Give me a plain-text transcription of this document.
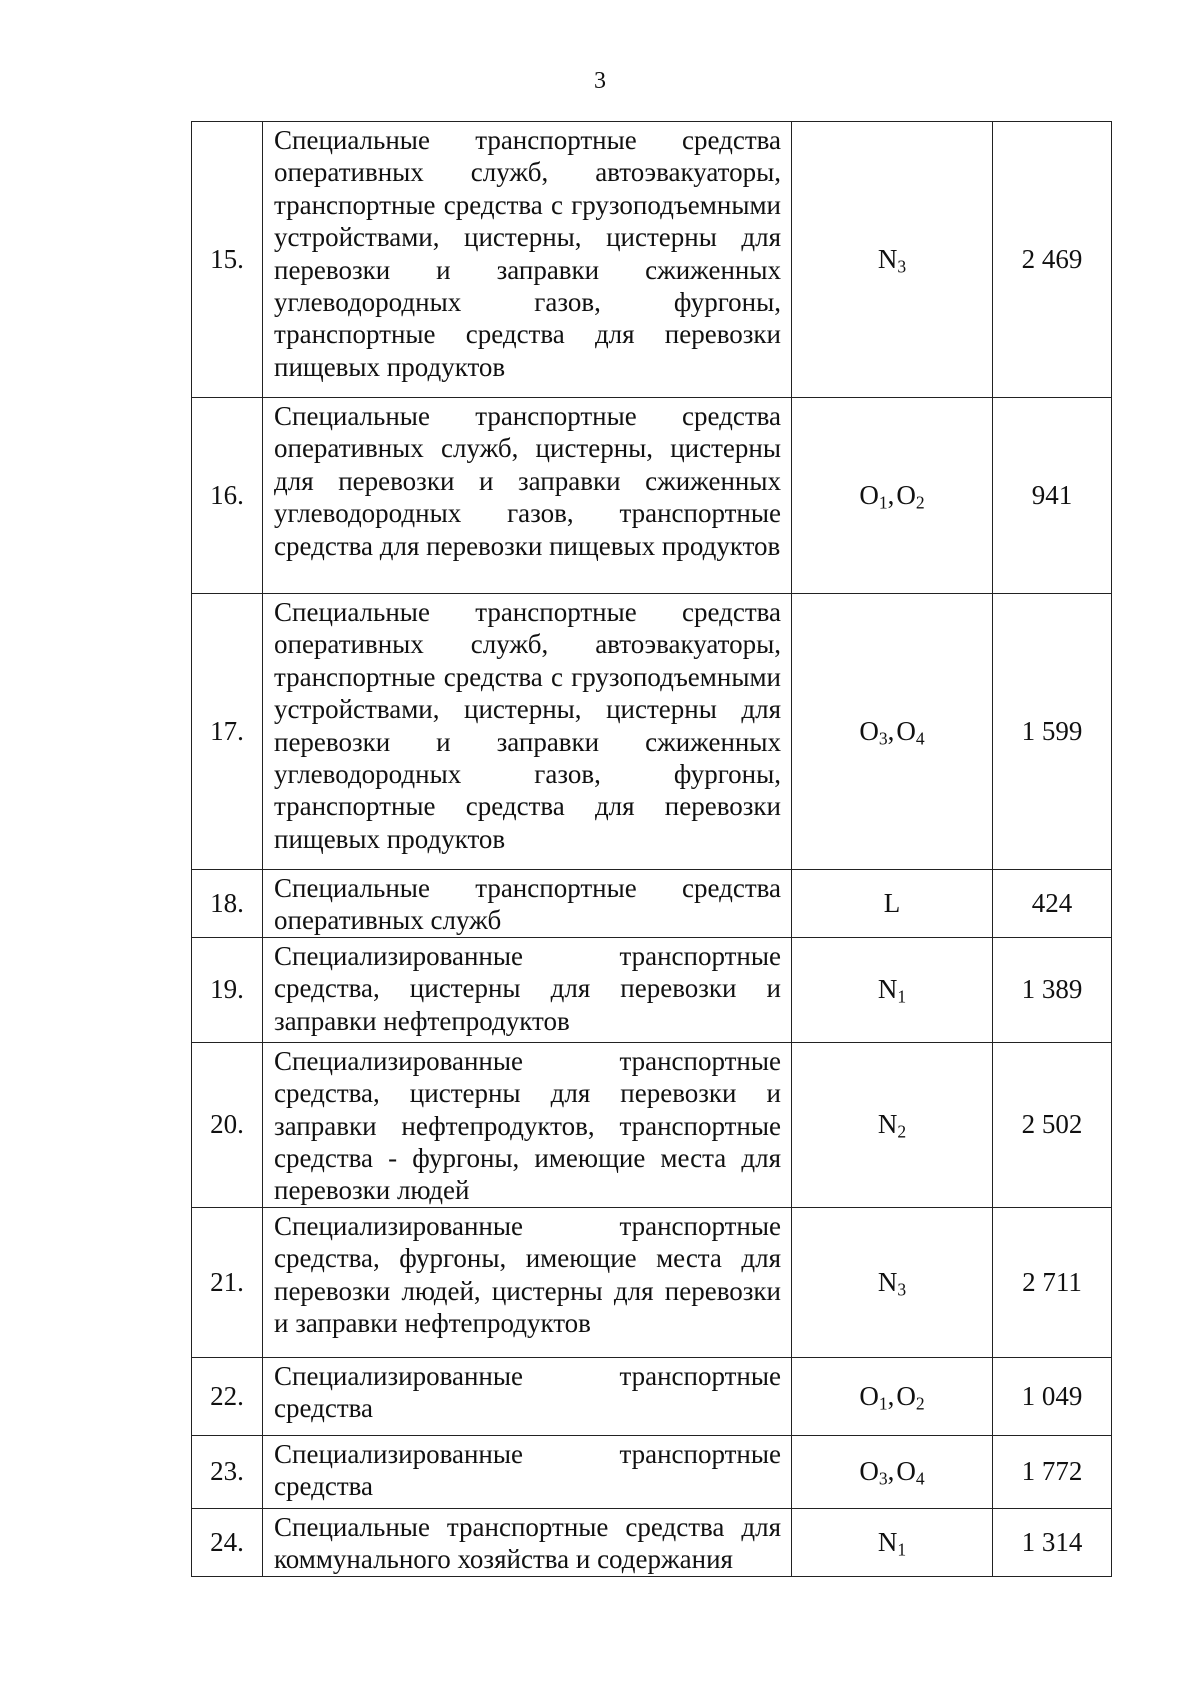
3
15.	Специальные транспортные средства оперативных служб, автоэвакуаторы, транспортные средства с грузоподъемными устройствами, цистерны, цистерны для перевозки и заправки сжиженных углеводородных газов, фургоны, транспортные средства для перевозки пищевых продуктов	$N_3$	2 469
16.	Специальные транспортные средства оперативных служб, цистерны, цистерны для перевозки и заправки сжиженных углеводородных газов, транспортные средства для перевозки пищевых продуктов	$O_1,O_2$	941
17.	Специальные транспортные средства оперативных служб, автоэвакуаторы, транспортные средства с грузоподъемными устройствами, цистерны, цистерны для перевозки и заправки сжиженных углеводородных газов, фургоны, транспортные средства для перевозки пищевых продуктов	$O_3,O_4$	1 599
18.	Специальные транспортные средства оперативных служб	L	424
19.	Специализированные транспортные средства, цистерны для перевозки и заправки нефтепродуктов	$N_1$	1 389
20.	Специализированные транспортные средства, цистерны для перевозки и заправки нефтепродуктов, транспортные средства - фургоны, имеющие места для перевозки людей	$N_2$	2 502
21.	Специализированные транспортные средства, фургоны, имеющие места для перевозки людей, цистерны для перевозки и заправки нефтепродуктов	$N_3$	2 711
22.	Специализированные транспортные средства	$O_1,O_2$	1 049
23.	Специализированные транспортные средства	$O_3,O_4$	1 772
24.	Специальные транспортные средства для коммунального хозяйства и содержания	$N_1$	1 314
